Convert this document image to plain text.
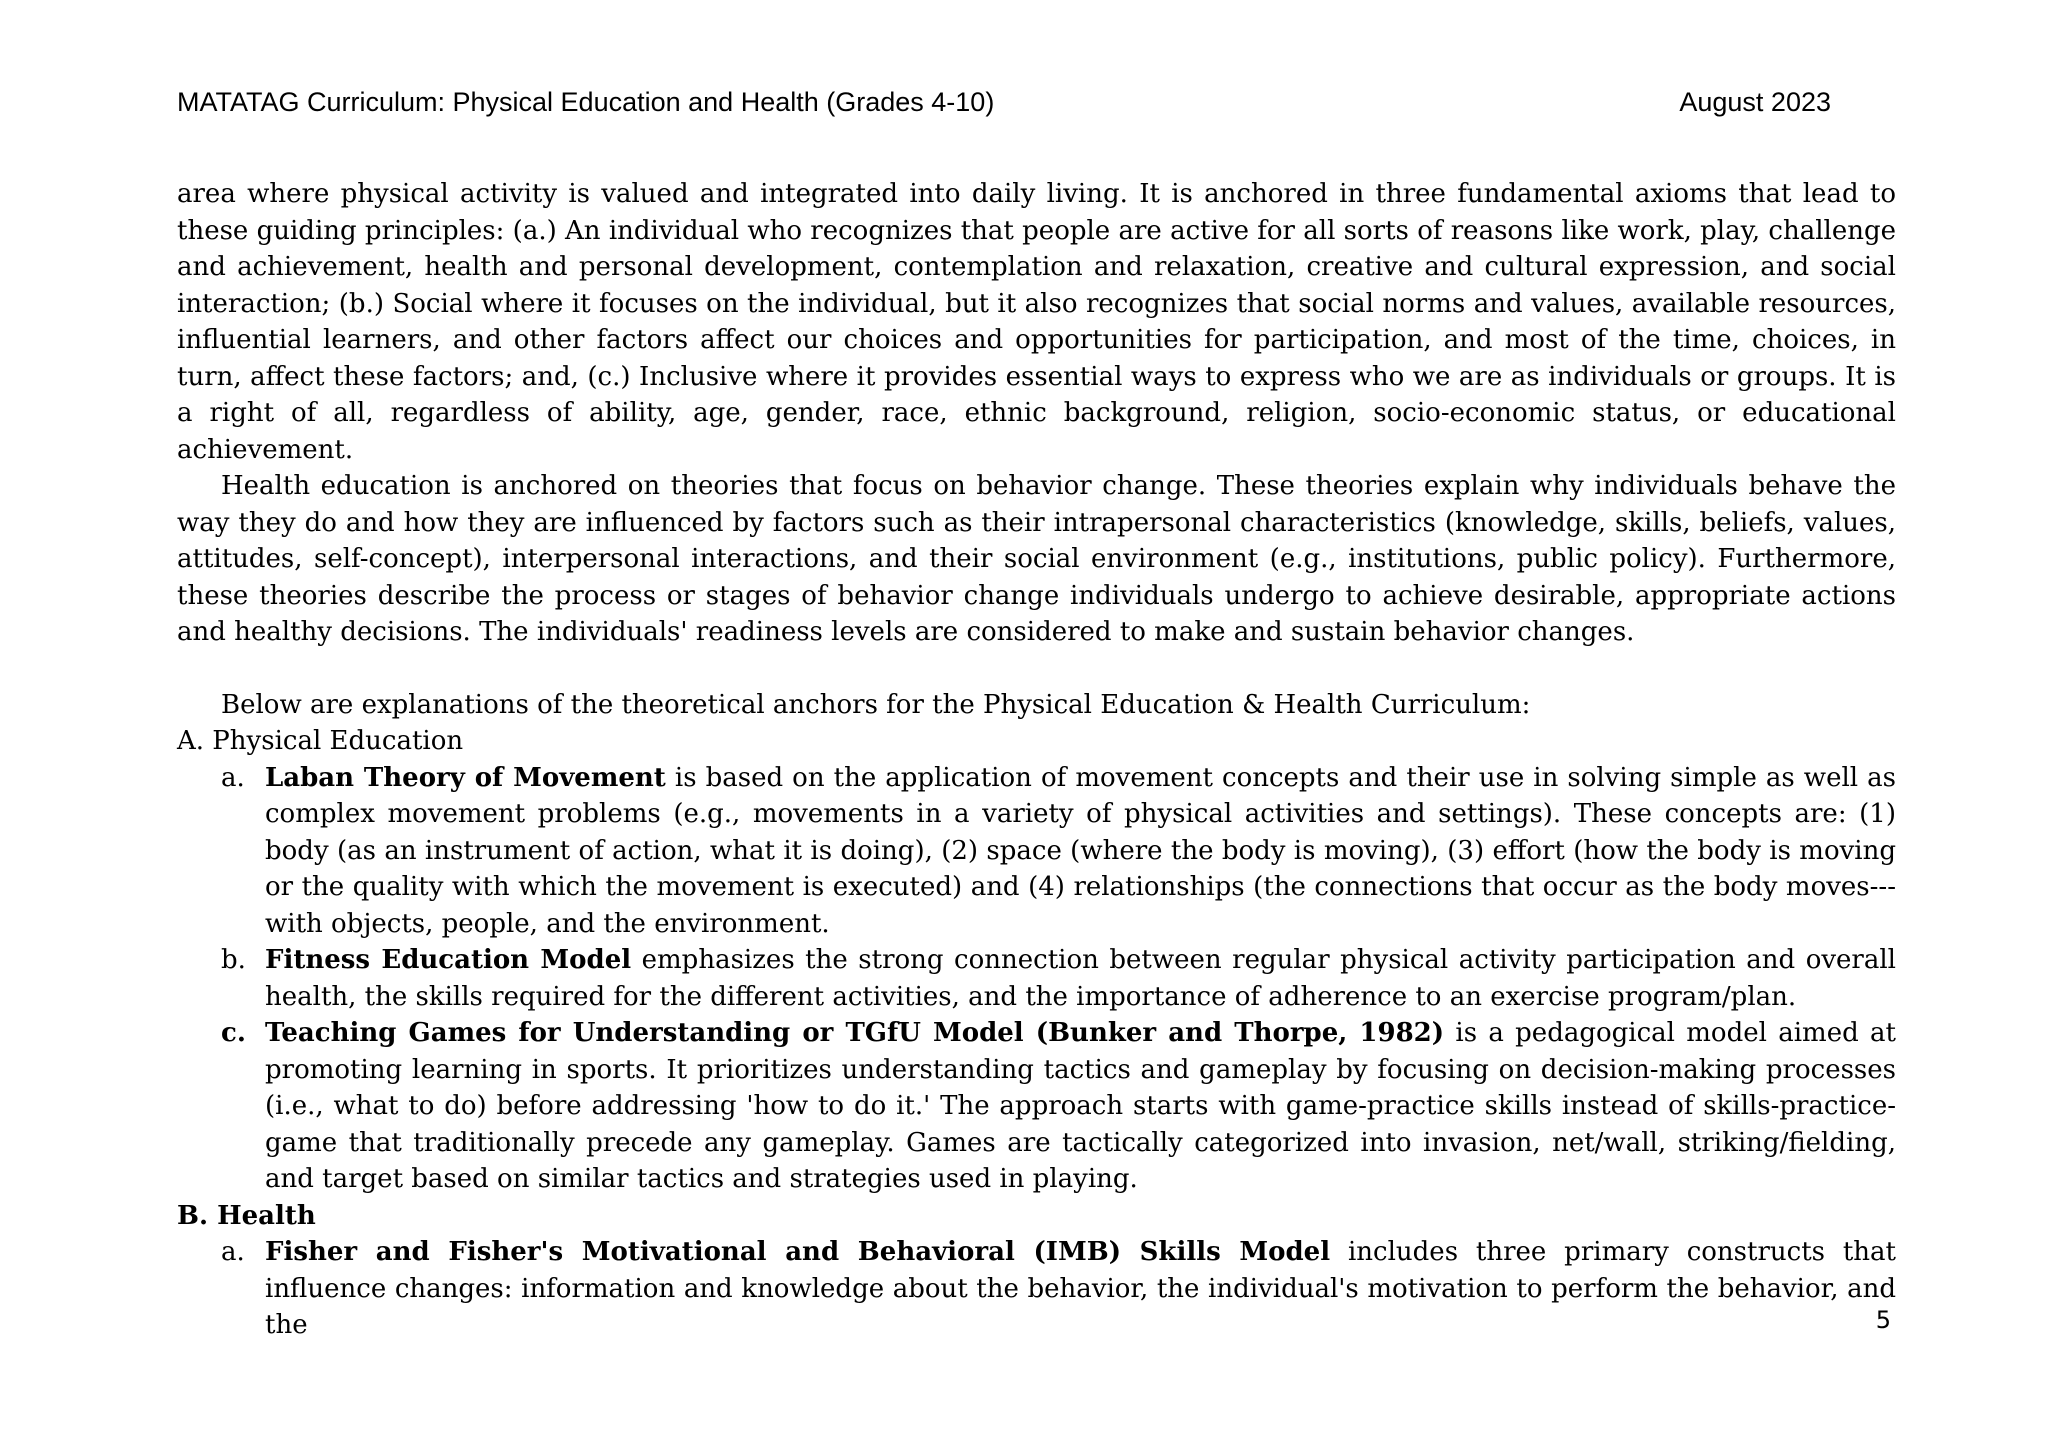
MATATAG Curriculum: Physical Education and Health (Grades 4-10)	August 2023

area where physical activity is valued and integrated into daily living. It is anchored in three fundamental axioms that lead to these guiding principles: (a.) An individual who recognizes that people are active for all sorts of reasons like work, play, challenge and achievement, health and personal development, contemplation and relaxation, creative and cultural expression, and social interaction; (b.) Social where it focuses on the individual, but it also recognizes that social norms and values, available resources, influential learners, and other factors affect our choices and opportunities for participation, and most of the time, choices, in turn, affect these factors; and, (c.) Inclusive where it provides essential ways to express who we are as individuals or groups. It is a right of all, regardless of ability, age, gender, race, ethnic background, religion, socio-economic status, or educational achievement.

Health education is anchored on theories that focus on behavior change. These theories explain why individuals behave the way they do and how they are influenced by factors such as their intrapersonal characteristics (knowledge, skills, beliefs, values, attitudes, self-concept), interpersonal interactions, and their social environment (e.g., institutions, public policy). Furthermore, these theories describe the process or stages of behavior change individuals undergo to achieve desirable, appropriate actions and healthy decisions. The individuals' readiness levels are considered to make and sustain behavior changes.

Below are explanations of the theoretical anchors for the Physical Education & Health Curriculum:

A. Physical Education

a. Laban Theory of Movement is based on the application of movement concepts and their use in solving simple as well as complex movement problems (e.g., movements in a variety of physical activities and settings). These concepts are: (1) body (as an instrument of action, what it is doing), (2) space (where the body is moving), (3) effort (how the body is moving or the quality with which the movement is executed) and (4) relationships (the connections that occur as the body moves---with objects, people, and the environment.
b. Fitness Education Model emphasizes the strong connection between regular physical activity participation and overall health, the skills required for the different activities, and the importance of adherence to an exercise program/plan.
c. Teaching Games for Understanding or TGfU Model (Bunker and Thorpe, 1982) is a pedagogical model aimed at promoting learning in sports. It prioritizes understanding tactics and gameplay by focusing on decision-making processes (i.e., what to do) before addressing 'how to do it.' The approach starts with game-practice skills instead of skills-practice-game that traditionally precede any gameplay. Games are tactically categorized into invasion, net/wall, striking/fielding, and target based on similar tactics and strategies used in playing.

B. Health

a. Fisher and Fisher's Motivational and Behavioral (IMB) Skills Model includes three primary constructs that influence changes: information and knowledge about the behavior, the individual's motivation to perform the behavior, and the	5
